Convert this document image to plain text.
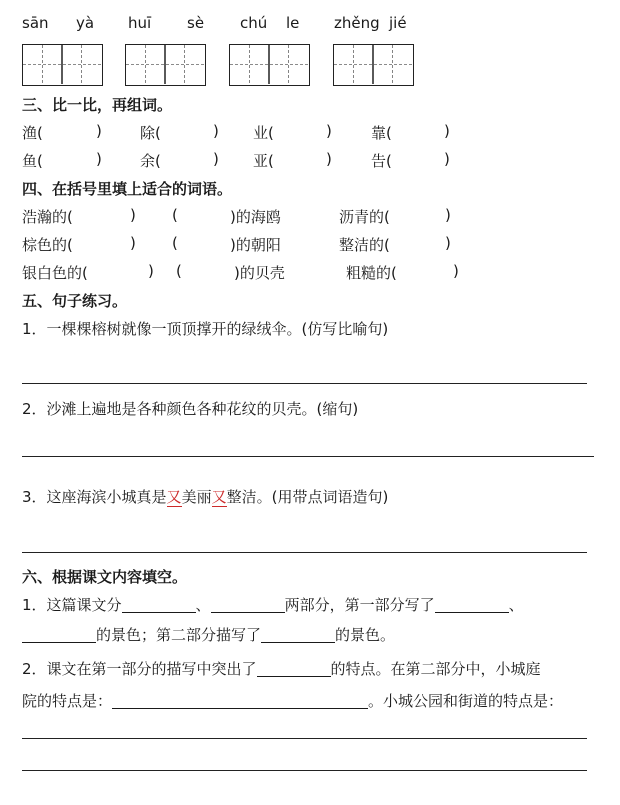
sān yà huī sè chú le zhěng jié
三、比一比，再组词。
渔(	)	除(	) 业(	)	靠(	)
鱼(	)	余(	) 亚(	)	告(	)
四、在括号里填上适合的词语。
浩瀚的(	) (	)的海鸥	沥青的(	)
棕色的(	) (	)的朝阳	整洁的(	)
银白色的(	) (	)的贝壳	粗糙的(	)
五、句子练习。
1．一棵棵榕树就像一顶顶撑开的绿绒伞。(仿写比喻句)
2．沙滩上遍地是各种颜色各种花纹的贝壳。(缩句)
3．这座海滨小城真是又美丽又整洁。(用带点词语造句)
六、根据课文内容填空。
1．这篇课文分	、	两部分，第一部分写了	、
的景色；第二部分描写了	的景色。
2．课文在第一部分的描写中突出了	的特点。在第二部分中，小城庭
院的特点是：	。小城公园和街道的特点是：
